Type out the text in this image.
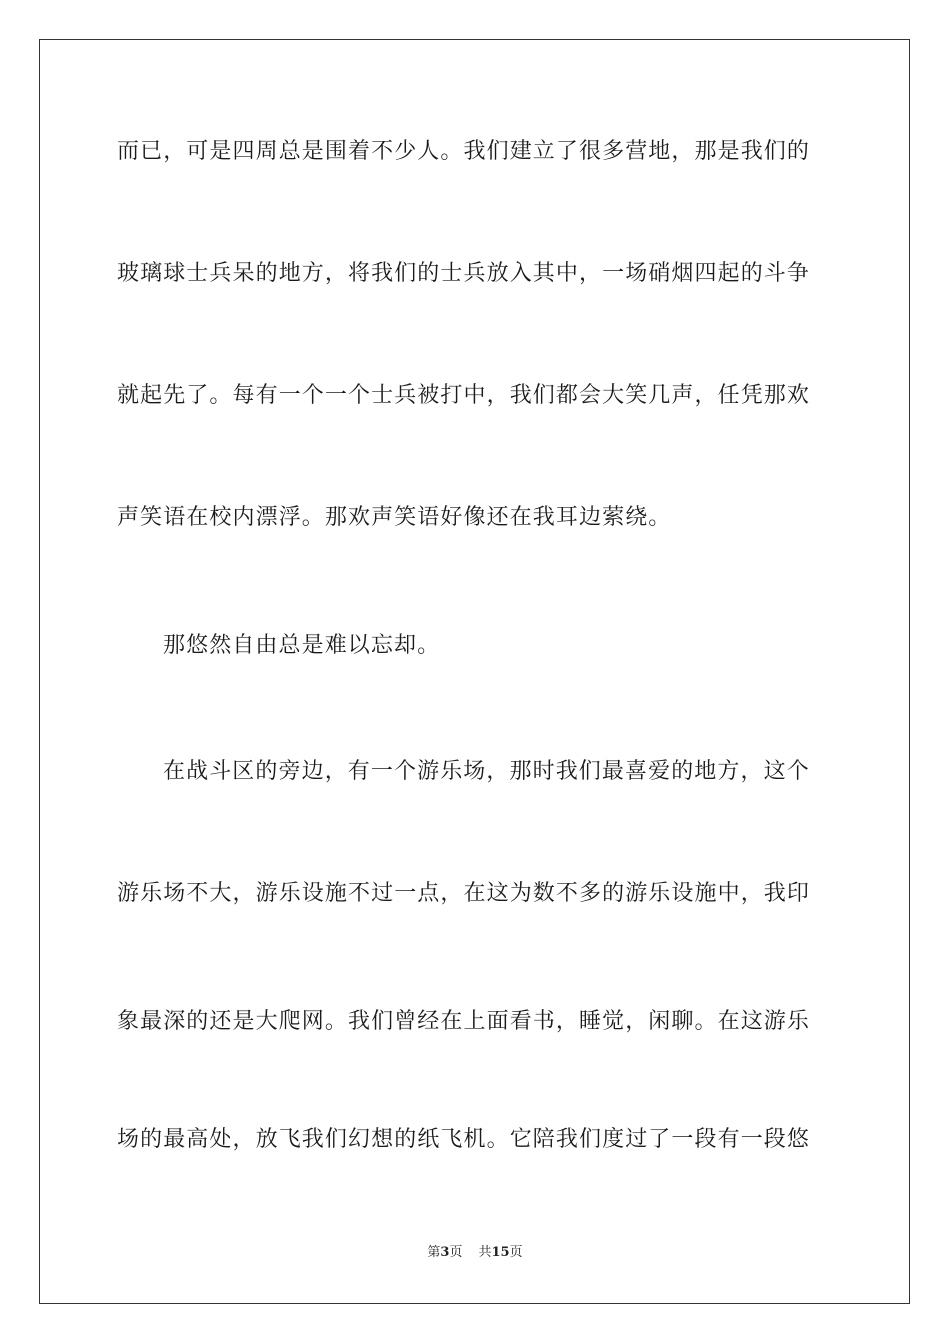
而已，可是四周总是围着不少人。我们建立了很多营地，那是我们的
玻璃球士兵呆的地方，将我们的士兵放入其中，一场硝烟四起的斗争
就起先了。每有一个一个士兵被打中，我们都会大笑几声，任凭那欢
声笑语在校内漂浮。那欢声笑语好像还在我耳边萦绕。
那悠然自由总是难以忘却。
在战斗区的旁边，有一个游乐场，那时我们最喜爱的地方，这个
游乐场不大，游乐设施不过一点，在这为数不多的游乐设施中，我印
象最深的还是大爬网。我们曾经在上面看书，睡觉，闲聊。在这游乐
场的最高处，放飞我们幻想的纸飞机。它陪我们度过了一段有一段悠
第3页 共15页
